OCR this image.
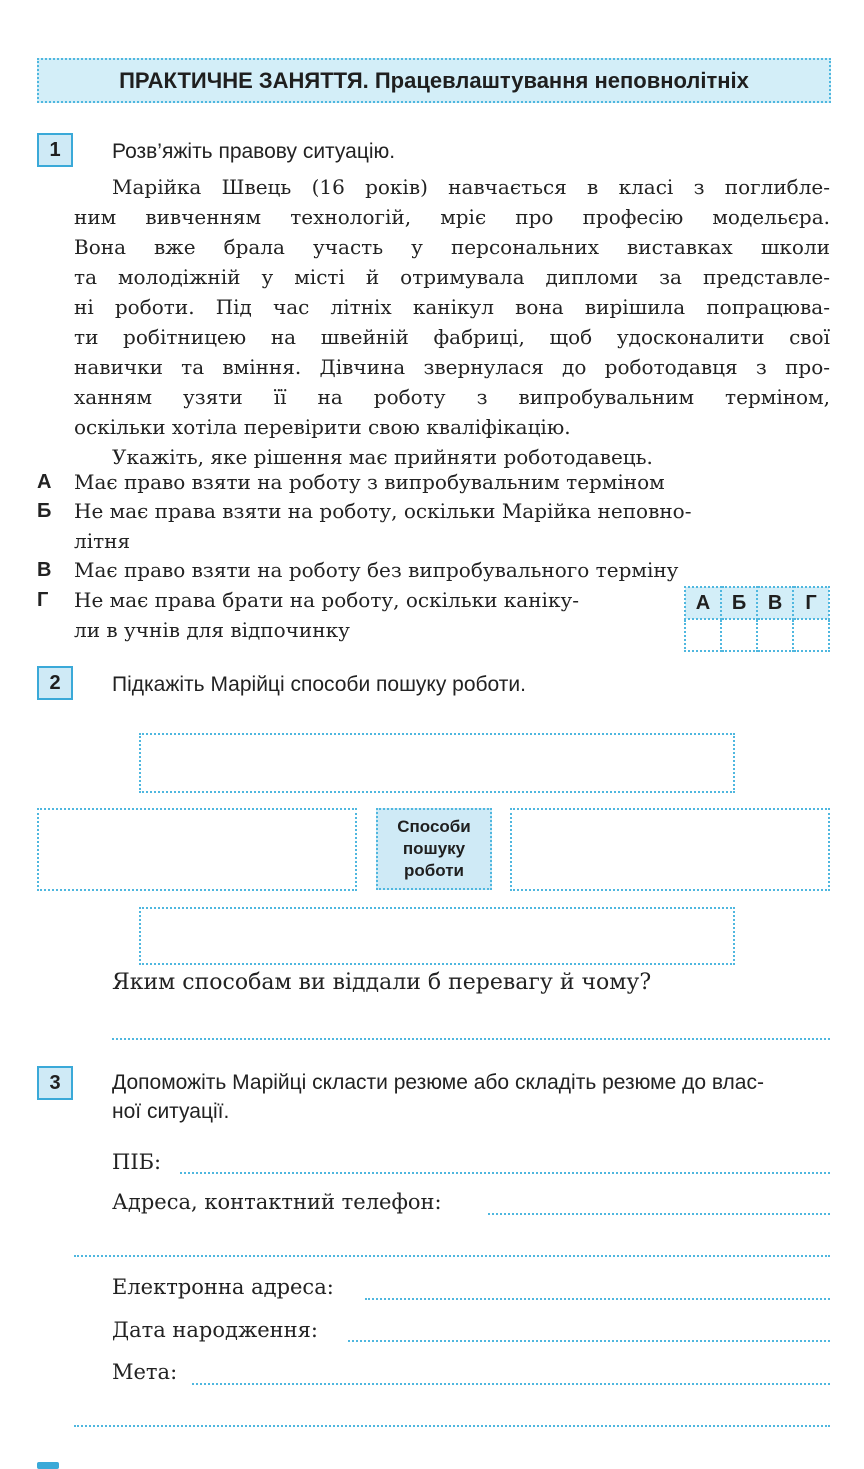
ПРАКТИЧНЕ ЗАНЯТТЯ. Працевлаштування неповнолітніх
1	Розв’яжіть правову ситуацію.
Марійка Швець (16 років) навчається в класі з поглибле-
ним вивченням технологій, мріє про професію модельєра.
Вона вже брала участь у персональних виставках школи
та молодіжній у місті й отримувала дипломи за представле-
ні роботи. Під час літніх канікул вона вирішила попрацюва-
ти робітницею на швейній фабриці, щоб удосконалити свої
навички та вміння. Дівчина звернулася до роботодавця з про-
ханням узяти її на роботу з випробувальним терміном,
оскільки хотіла перевірити свою кваліфікацію.
Укажіть, яке рішення має прийняти роботодавець.
А Має право взяти на роботу з випробувальним терміном
Б Не має права взяти на роботу, оскільки Марійка неповно-
літня
В Має право взяти на роботу без випробувального терміну
Г Не має права брати на роботу, оскільки каніку-
ли в учнів для відпочинку
А	Б	В	Г

2	Підкажіть Марійці способи пошуку роботи.
Способи
пошуку
роботи
Яким способам ви віддали б перевагу й чому?
3	Допоможіть Марійці скласти резюме або складіть резюме до влас-
ної ситуації.
ПІБ:
Адреса, контактний телефон:
Електронна адреса:
Дата народження:
Мета:
